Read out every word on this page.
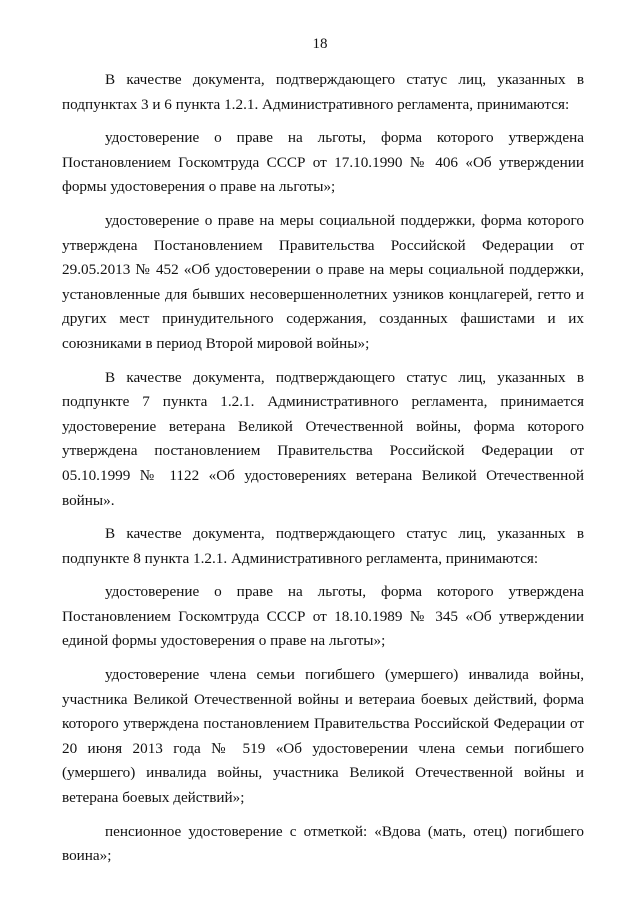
18

В качестве документа, подтверждающего статус лиц, указанных в подпунктах 3 и 6 пункта 1.2.1. Административного регламента, принимаются:

удостоверение о праве на льготы, форма которого утверждена Постановлением Госкомтруда СССР от 17.10.1990 № 406 «Об утверждении формы удостоверения о праве на льготы»;

удостоверение о праве на меры социальной поддержки, форма которого утверждена Постановлением Правительства Российской Федерации от 29.05.2013 № 452 «Об удостоверении о праве на меры социальной поддержки, установленные для бывших несовершеннолетних узников концлагерей, гетто и других мест принудительного содержания, созданных фашистами и их союзниками в период Второй мировой войны»;

В качестве документа, подтверждающего статус лиц, указанных в подпункте 7 пункта 1.2.1. Административного регламента, принимается удостоверение ветерана Великой Отечественной войны, форма которого утверждена постановлением Правительства Российской Федерации от 05.10.1999 № 1122 «Об удостоверениях ветерана Великой Отечественной войны».

В качестве документа, подтверждающего статус лиц, указанных в подпункте 8 пункта 1.2.1. Административного регламента, принимаются:

удостоверение о праве на льготы, форма которого утверждена Постановлением Госкомтруда СССР от 18.10.1989 № 345 «Об утверждении единой формы удостоверения о праве на льготы»;

удостоверение члена семьи погибшего (умершего) инвалида войны, участника Великой Отечественной войны и ветераиа боевых действий, форма которого утверждена постановлением Правительства Российской Федерации от 20 июня 2013 года № 519 «Об удостоверении члена семьи погибшего (умершего) инвалида войны, участника Великой Отечественной войны и ветерана боевых действий»;

пенсионное удостоверение с отметкой: «Вдова (мать, отец) погибшего воина»;
